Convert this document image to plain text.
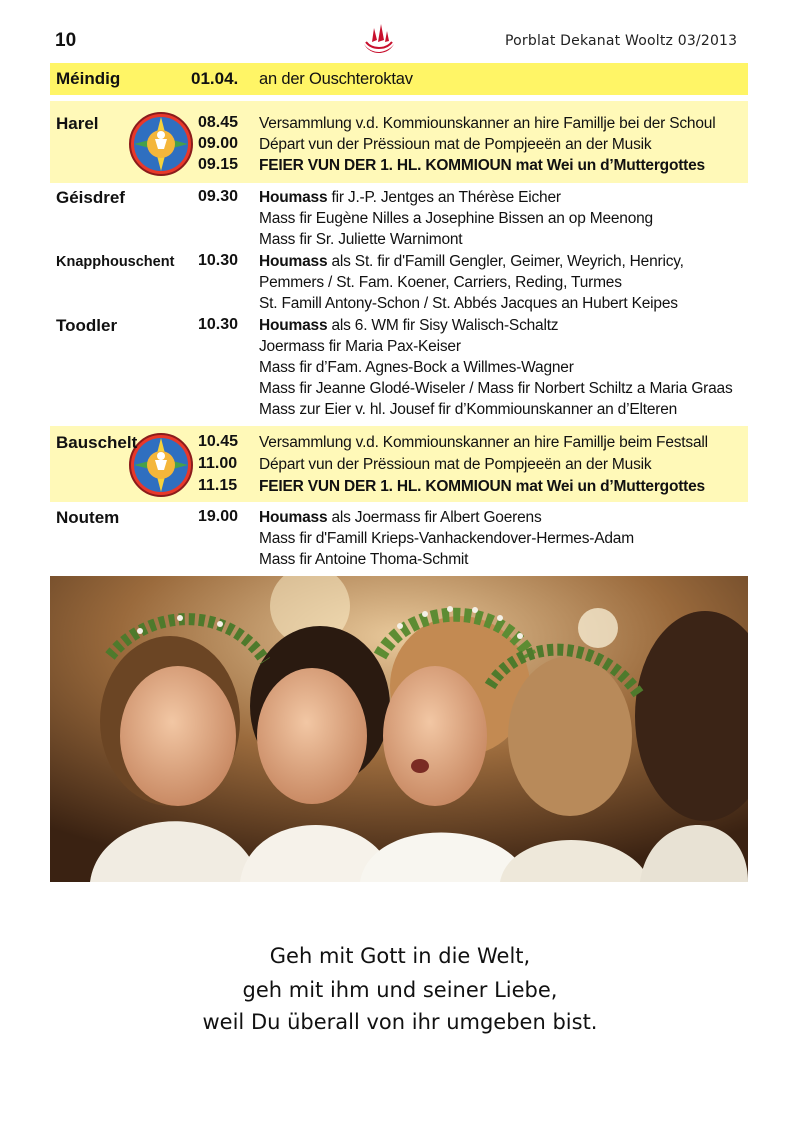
10	Porblat Dekanat Wooltz 03/2013
Méindig	01.04. an der Ouschteroktav
Harel	08.45 Versammlung v.d. Kommiounskanner an hire Famillje bei der Schoul
09.00 Départ vun der Prëssioun mat de Pompjeeën an der Musik
09.15 FEIER VUN DER 1. HL. KOMMIOUN mat Wei un d’Muttergottes
Géisdref	09.30 Houmass fir J.-P. Jentges an Thérèse Eicher
Mass fir Eugène Nilles a Josephine Bissen an op Meenong
Mass fir Sr. Juliette Warnimont
Knapphouschent 10.30 Houmass als St. fir d'Famill Gengler, Geimer, Weyrich, Henricy,
Pemmers / St. Fam. Koener, Carriers, Reding, Turmes
St. Famill Antony-Schon / St. Abbés Jacques an Hubert Keipes
Toodler	10.30 Houmass als 6. WM fir Sisy Walisch-Schaltz
Joermass fir Maria Pax-Keiser
Mass fir d’Fam. Agnes-Bock a Willmes-Wagner
Mass fir Jeanne Glodé-Wiseler / Mass fir Norbert Schiltz a Maria Graas
Mass zur Eier v. hl. Jousef fir d’Kommiounskanner an d’Elteren
Bauschelt	10.45 Versammlung v.d. Kommiounskanner an hire Famillje beim Festsall
11.00 Départ vun der Prëssioun mat de Pompjeeën an der Musik
11.15 FEIER VUN DER 1. HL. KOMMIOUN mat Wei un d’Muttergottes
Noutem	19.00 Houmass als Joermass fir Albert Goerens
Mass fir d'Famill Krieps-Vanhackendover-Hermes-Adam
Mass fir Antoine Thoma-Schmit
Geh mit Gott in die Welt,
geh mit ihm und seiner Liebe,
weil Du überall von ihr umgeben bist.
